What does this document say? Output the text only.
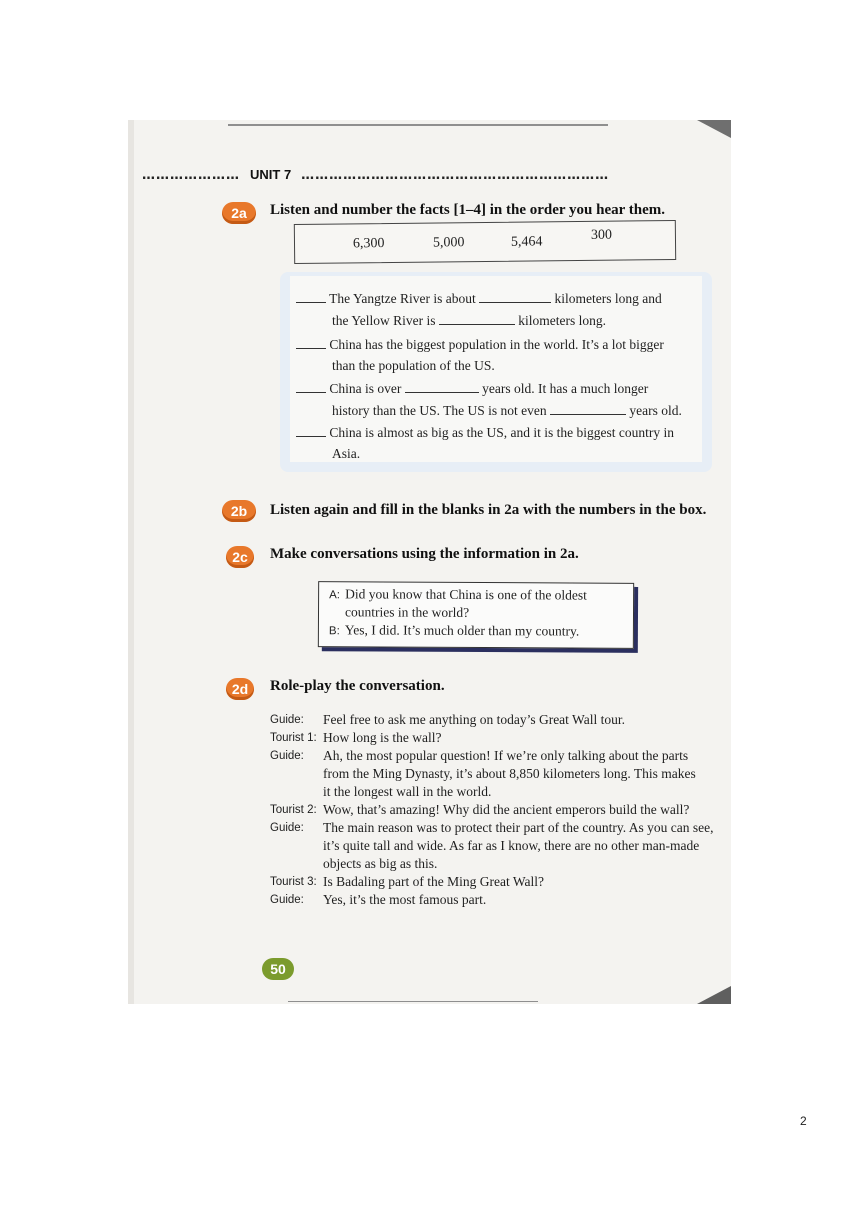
………………… UNIT 7 …………………………………………………………
2a	Listen and number the facts [1–4] in the order you hear them.
6,300	5,000	5,464	300
The Yangtze River is about	kilometers long and
the Yellow River is	kilometers long.
China has the biggest population in the world. It’s a lot bigger
than the population of the US.
China is over	years old. It has a much longer
history than the US. The US is not even	years old.
China is almost as big as the US, and it is the biggest country in
Asia.
2b	Listen again and fill in the blanks in 2a with the numbers in the box.
2c	Make conversations using the information in 2a.
A: Did you know that China is one of the oldest
countries in the world?
B: Yes, I did. It’s much older than my country.
2d	Role-play the conversation.
Guide: Feel free to ask me anything on today’s Great Wall tour.
Tourist 1: How long is the wall?
Guide: Ah, the most popular question! If we’re only talking about the parts
from the Ming Dynasty, it’s about 8,850 kilometers long. This makes
it the longest wall in the world.
Tourist 2: Wow, that’s amazing! Why did the ancient emperors build the wall?
Guide: The main reason was to protect their part of the country. As you can see,
it’s quite tall and wide. As far as I know, there are no other man-made
objects as big as this.
Tourist 3: Is Badaling part of the Ming Great Wall?
Guide: Yes, it’s the most famous part.
50
2
